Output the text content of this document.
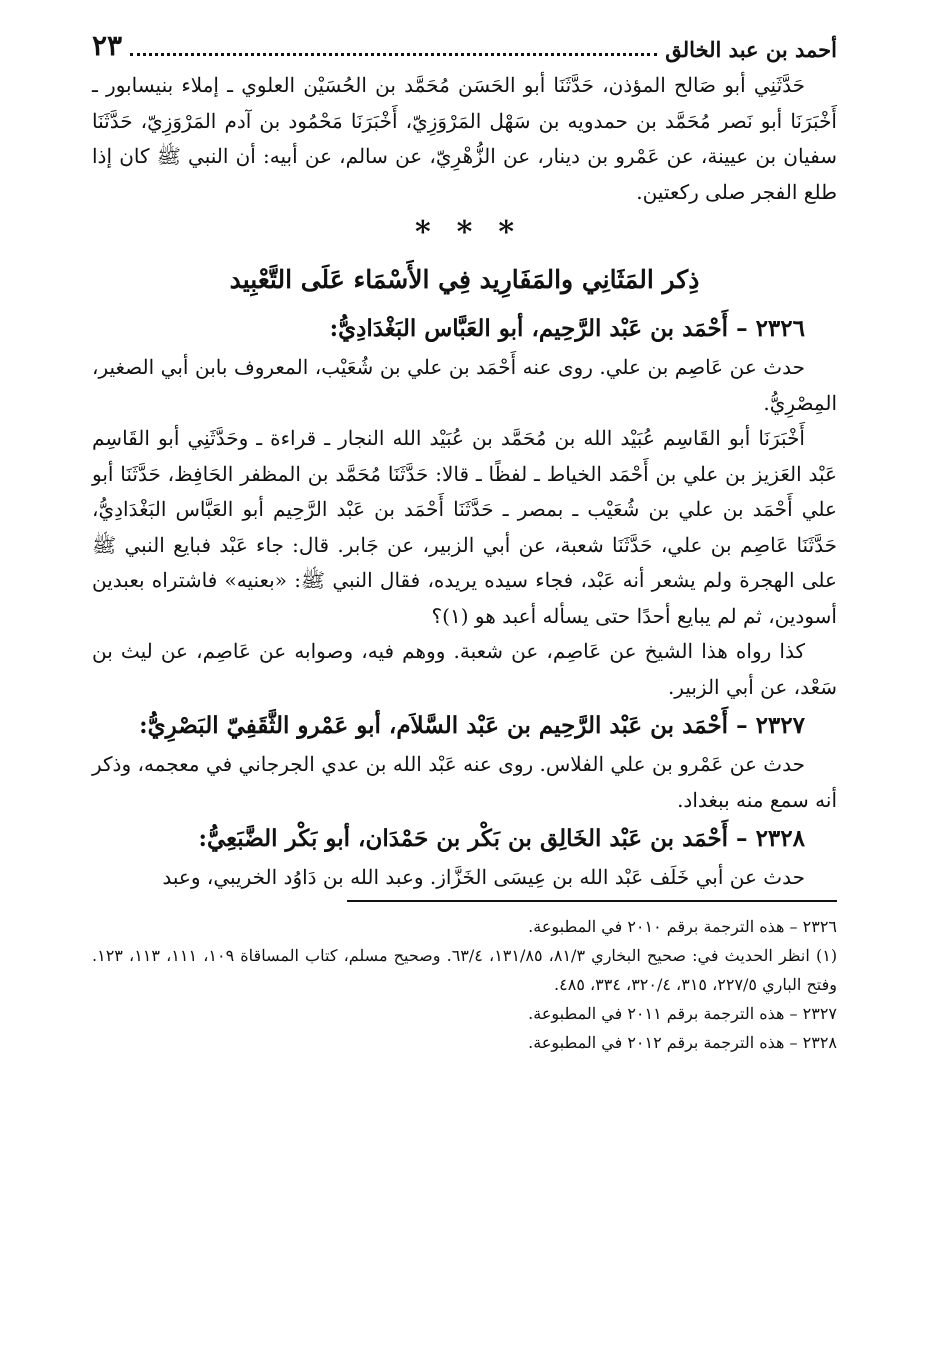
أحمد بن عبد الخالق
٢٣

حَدَّثَنِي أبو صَالح المؤذن، حَدَّثَنَا أبو الحَسَن مُحَمَّد بن الحُسَيْن العلوي ـ إملاء بنيسابور ـ أَخْبَرَنَا أبو نَصر مُحَمَّد بن حمدويه بن سَهْل المَرْوَزِيّ، أَخْبَرَنَا مَحْمُود بن آدم المَرْوَزِيّ، حَدَّثَنَا سفيان بن عيينة، عن عَمْرو بن دينار، عن الزُّهْرِيّ، عن سالم، عن أبيه: أن النبي ﷺ كان إذا طلع الفجر صلى ركعتين.

***
ذِكر المَثَانِي والمَفَارِيد فِي الأَسْمَاء عَلَى التَّعْبِيد
٢٣٢٦ – أَحْمَد بن عَبْد الرَّحِيم، أبو العَبَّاس البَغْدَادِيُّ:

حدث عن عَاصِم بن علي. روى عنه أَحْمَد بن علي بن شُعَيْب، المعروف بابن أبي الصغير، المِصْرِيُّ.

أَخْبَرَنَا أبو القَاسِم عُبَيْد الله بن مُحَمَّد بن عُبَيْد الله النجار ـ قراءة ـ وحَدَّثَنِي أبو القَاسِم عَبْد العَزيز بن علي بن أَحْمَد الخياط ـ لفظًا ـ قالا: حَدَّثَنَا مُحَمَّد بن المظفر الحَافِظ، حَدَّثَنَا أبو علي أَحْمَد بن علي بن شُعَيْب ـ بمصر ـ حَدَّثَنَا أَحْمَد بن عَبْد الرَّحِيم أبو العَبَّاس البَغْدَادِيُّ، حَدَّثَنَا عَاصِم بن علي، حَدَّثَنَا شعبة، عن أبي الزبير، عن جَابر. قال: جاء عَبْد فبايع النبي ﷺ على الهجرة ولم يشعر أنه عَبْد، فجاء سيده يريده، فقال النبي ﷺ: «بعنيه» فاشتراه بعبدين أسودين، ثم لم يبايع أحدًا حتى يسأله أعبد هو (١)؟

كذا رواه هذا الشيخ عن عَاصِم، عن شعبة. ووهم فيه، وصوابه عن عَاصِم، عن ليث بن سَعْد، عن أبي الزبير.

٢٣٢٧ – أَحْمَد بن عَبْد الرَّحِيم بن عَبْد السَّلاَم، أبو عَمْرو الثَّقَفِيّ البَصْرِيُّ:

حدث عن عَمْرو بن علي الفلاس. روى عنه عَبْد الله بن عدي الجرجاني في معجمه، وذكر أنه سمع منه ببغداد.

٢٣٢٨ – أَحْمَد بن عَبْد الخَالِق بن بَكْر بن حَمْدَان، أبو بَكْر الضَّبَعِيُّ:

حدث عن أبي خَلَف عَبْد الله بن عِيسَى الخَزَّاز. وعبد الله بن دَاوُد الخريبي، وعبد

٢٣٢٦ – هذه الترجمة برقم ٢٠١٠ في المطبوعة.

(١) انظر الحديث في: صحيح البخاري ٨١/٣، ١٣١/٨٥، ٦٣/٤. وصحيح مسلم، كتاب المساقاة ١٠٩، ١١١، ١١٣، ١٢٣. وفتح الباري ٢٢٧/٥، ٣١٥، ٣٢٠/٤، ٣٣٤، ٤٨٥.

٢٣٢٧ – هذه الترجمة برقم ٢٠١١ في المطبوعة.

٢٣٢٨ – هذه الترجمة برقم ٢٠١٢ في المطبوعة.
